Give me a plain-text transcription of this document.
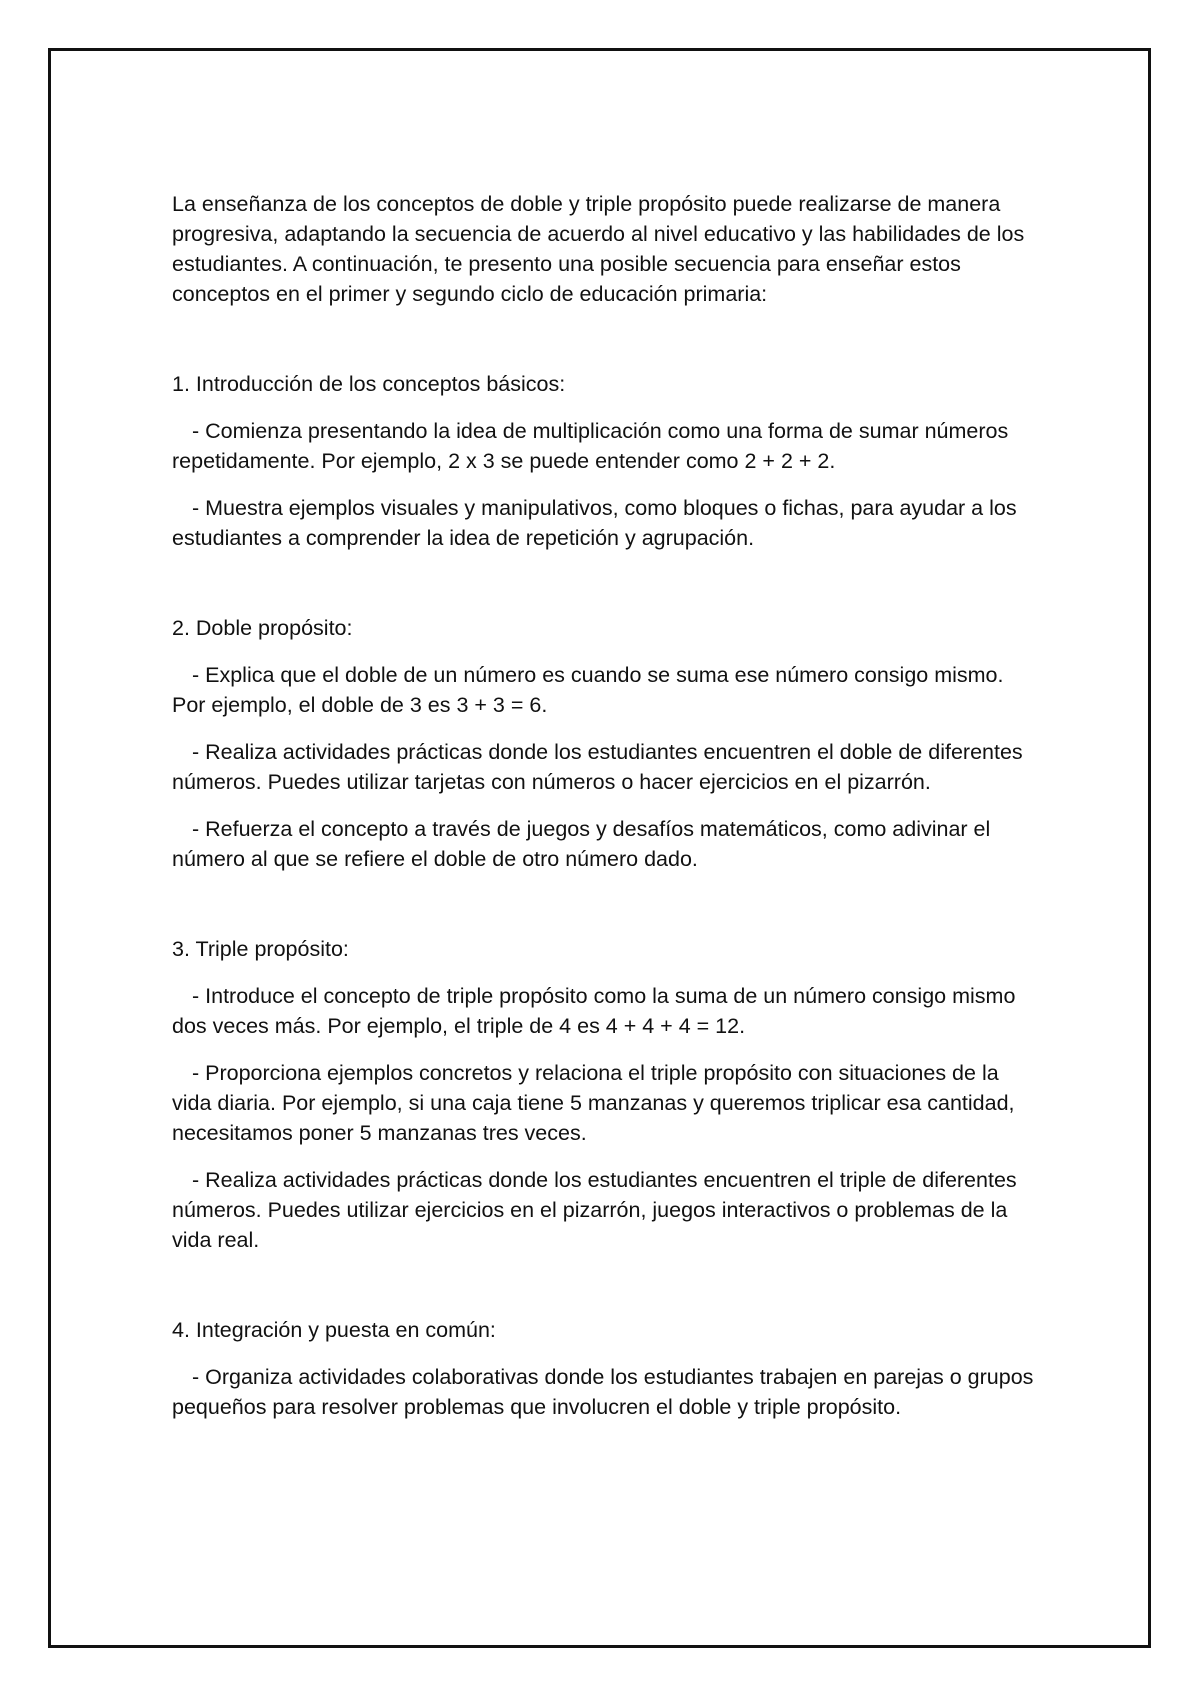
La enseñanza de los conceptos de doble y triple propósito puede realizarse de manera progresiva, adaptando la secuencia de acuerdo al nivel educativo y las habilidades de los estudiantes. A continuación, te presento una posible secuencia para enseñar estos conceptos en el primer y segundo ciclo de educación primaria:

1. Introducción de los conceptos básicos:

- Comienza presentando la idea de multiplicación como una forma de sumar números repetidamente. Por ejemplo, 2 x 3 se puede entender como 2 + 2 + 2.

- Muestra ejemplos visuales y manipulativos, como bloques o fichas, para ayudar a los estudiantes a comprender la idea de repetición y agrupación.

2. Doble propósito:

- Explica que el doble de un número es cuando se suma ese número consigo mismo. Por ejemplo, el doble de 3 es 3 + 3 = 6.

- Realiza actividades prácticas donde los estudiantes encuentren el doble de diferentes números. Puedes utilizar tarjetas con números o hacer ejercicios en el pizarrón.

- Refuerza el concepto a través de juegos y desafíos matemáticos, como adivinar el número al que se refiere el doble de otro número dado.

3. Triple propósito:

- Introduce el concepto de triple propósito como la suma de un número consigo mismo dos veces más. Por ejemplo, el triple de 4 es 4 + 4 + 4 = 12.

- Proporciona ejemplos concretos y relaciona el triple propósito con situaciones de la vida diaria. Por ejemplo, si una caja tiene 5 manzanas y queremos triplicar esa cantidad, necesitamos poner 5 manzanas tres veces.

- Realiza actividades prácticas donde los estudiantes encuentren el triple de diferentes números. Puedes utilizar ejercicios en el pizarrón, juegos interactivos o problemas de la vida real.

4. Integración y puesta en común:

- Organiza actividades colaborativas donde los estudiantes trabajen en parejas o grupos pequeños para resolver problemas que involucren el doble y triple propósito.
